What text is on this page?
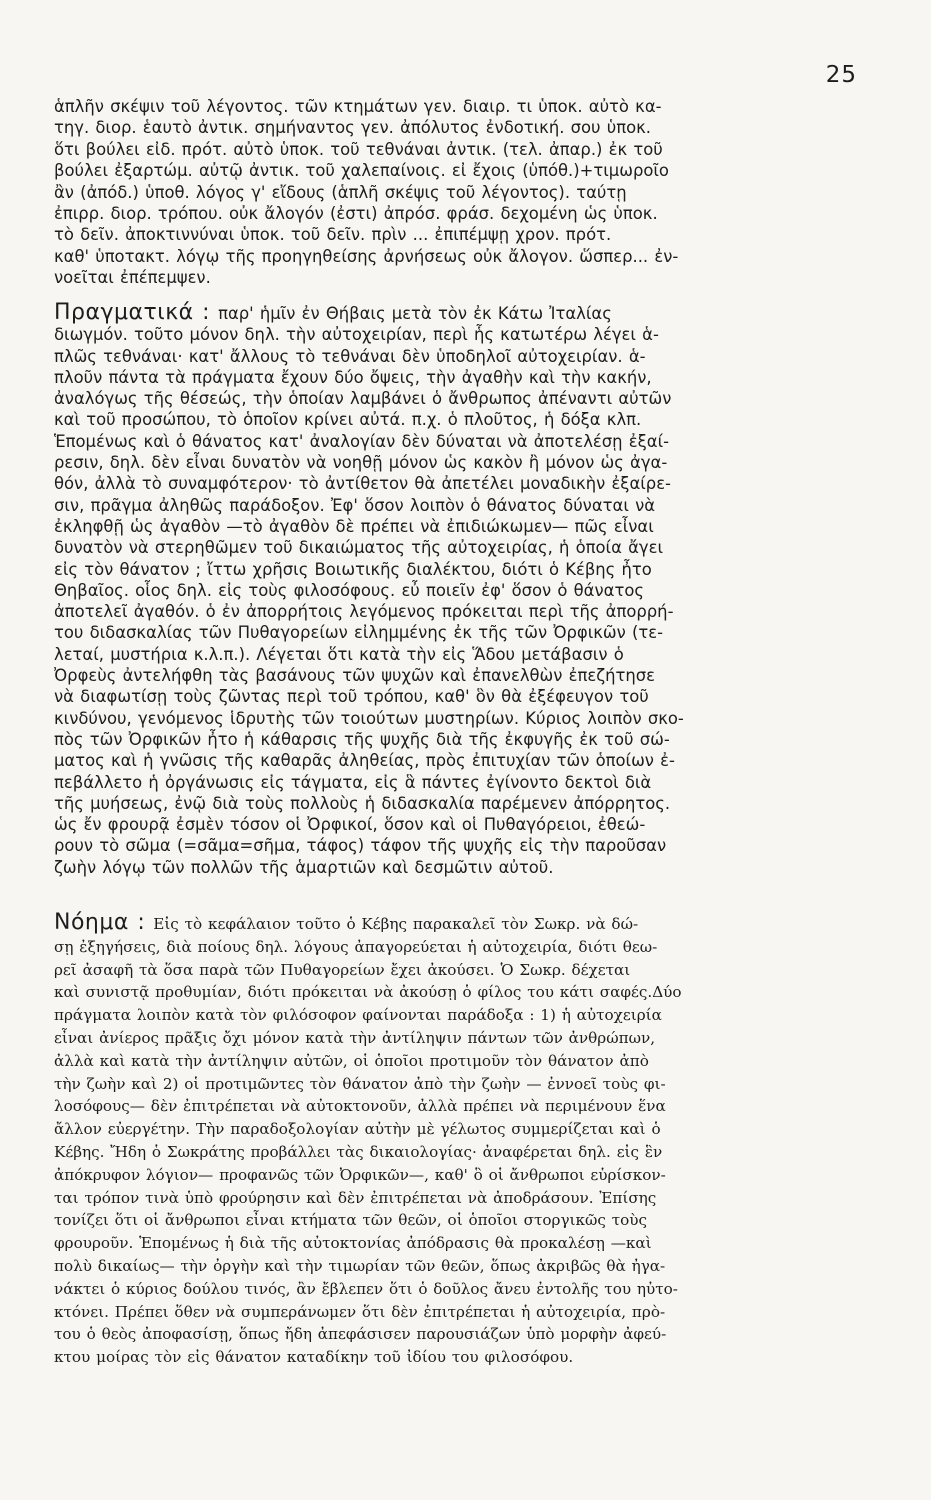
25
ἁπλῆν σκέψιν τοῦ λέγοντος. τῶν κτημάτων γεν. διαιρ. τι ὑποκ. αὐτὸ κα-
τηγ. διορ. ἑαυτὸ ἀντικ. σημήναντος γεν. ἀπόλυτος ἐνδοτική. σου ὑποκ.
ὅτι βούλει εἰδ. πρότ. αὐτὸ ὑποκ. τοῦ τεθνάναι ἀντικ. (τελ. ἀπαρ.) ἐκ τοῦ
βούλει ἐξαρτώμ. αὐτῷ ἀντικ. τοῦ χαλεπαίνοις. εἰ ἔχοις (ὑπόθ.)+τιμωροῖο
ἂν (ἀπόδ.) ὑποθ. λόγος γ' εἴδους (ἁπλῆ σκέψις τοῦ λέγοντος). ταύτῃ
ἐπιρρ. διορ. τρόπου. οὐκ ἄλογόν (ἐστι) ἀπρόσ. φράσ. δεχομένη ὡς ὑποκ.
τὸ δεῖν. ἀποκτιννύναι ὑποκ. τοῦ δεῖν. πρὶν ... ἐπιπέμψῃ χρον. πρότ.
καθ' ὑποτακτ. λόγῳ τῆς προηγηθείσης ἀρνήσεως οὐκ ἄλογον. ὥσπερ... ἐν-
νοεῖται ἐπέπεμψεν.
Πραγματικά : παρ' ἡμῖν ἐν Θήβαις μετὰ τὸν ἐκ Κάτω Ἰταλίας
διωγμόν. τοῦτο μόνον δηλ. τὴν αὐτοχειρίαν, περὶ ἧς κατωτέρω λέγει ἁ-
πλῶς τεθνάναι· κατ' ἄλλους τὸ τεθνάναι δὲν ὑποδηλοῖ αὐτοχειρίαν. ἁ-
πλοῦν πάντα τὰ πράγματα ἔχουν δύο ὄψεις, τὴν ἀγαθὴν καὶ τὴν κακήν,
ἀναλόγως τῆς θέσεώς, τὴν ὁποίαν λαμβάνει ὁ ἄνθρωπος ἀπέναντι αὐτῶν
καὶ τοῦ προσώπου, τὸ ὁποῖον κρίνει αὐτά. π.χ. ὁ πλοῦτος, ἡ δόξα κλπ.
Ἑπομένως καὶ ὁ θάνατος κατ' ἀναλογίαν δὲν δύναται νὰ ἀποτελέσῃ ἐξαί-
ρεσιν, δηλ. δὲν εἶναι δυνατὸν νὰ νοηθῇ μόνον ὡς κακὸν ἢ μόνον ὡς ἀγα-
θόν, ἀλλὰ τὸ συναμφότερον· τὸ ἀντίθετον θὰ ἀπετέλει μοναδικὴν ἐξαίρε-
σιν, πρᾶγμα ἀληθῶς παράδοξον. Ἐφ' ὅσον λοιπὸν ὁ θάνατος δύναται νὰ
ἐκληφθῇ ὡς ἀγαθὸν —τὸ ἀγαθὸν δὲ πρέπει νὰ ἐπιδιώκωμεν— πῶς εἶναι
δυνατὸν νὰ στερηθῶμεν τοῦ δικαιώματος τῆς αὐτοχειρίας, ἡ ὁποία ἄγει
εἰς τὸν θάνατον ; ἴττω χρῆσις Βοιωτικῆς διαλέκτου, διότι ὁ Κέβης ἦτο
Θηβαῖος. οἷος δηλ. εἰς τοὺς φιλοσόφους. εὖ ποιεῖν ἐφ' ὅσον ὁ θάνατος
ἀποτελεῖ ἀγαθόν. ὁ ἐν ἀπορρήτοις λεγόμενος πρόκειται περὶ τῆς ἀπορρή-
του διδασκαλίας τῶν Πυθαγορείων εἰλημμένης ἐκ τῆς τῶν Ὀρφικῶν (τε-
λεταί, μυστήρια κ.λ.π.). Λέγεται ὅτι κατὰ τὴν εἰς Ἅδου μετάβασιν ὁ
Ὀρφεὺς ἀντελήφθη τὰς βασάνους τῶν ψυχῶν καὶ ἐπανελθὼν ἐπεζήτησε
νὰ διαφωτίσῃ τοὺς ζῶντας περὶ τοῦ τρόπου, καθ' ὃν θὰ ἐξέφευγον τοῦ
κινδύνου, γενόμενος ἱδρυτὴς τῶν τοιούτων μυστηρίων. Κύριος λοιπὸν σκο-
πὸς τῶν Ὀρφικῶν ἦτο ἡ κάθαρσις τῆς ψυχῆς διὰ τῆς ἐκφυγῆς ἐκ τοῦ σώ-
ματος καὶ ἡ γνῶσις τῆς καθαρᾶς ἀληθείας, πρὸς ἐπιτυχίαν τῶν ὁποίων ἐ-
πεβάλλετο ἡ ὀργάνωσις εἰς τάγματα, εἰς ἃ πάντες ἐγίνοντο δεκτοὶ διὰ
τῆς μυήσεως, ἐνῷ διὰ τοὺς πολλοὺς ἡ διδασκαλία παρέμενεν ἀπόρρητος.
ὡς ἔν φρουρᾷ ἐσμὲν τόσον οἱ Ὀρφικοί, ὅσον καὶ οἱ Πυθαγόρειοι, ἐθεώ-
ρουν τὸ σῶμα (=σᾶμα=σῆμα, τάφος) τάφον τῆς ψυχῆς εἰς τὴν παροῦσαν
ζωὴν λόγῳ τῶν πολλῶν τῆς ἁμαρτιῶν καὶ δεσμῶτιν αὐτοῦ.
Νόημα : Εἰς τὸ κεφάλαιον τοῦτο ὁ Κέβης παρακαλεῖ τὸν Σωκρ. νὰ δώ-
σῃ ἐξηγήσεις, διὰ ποίους δηλ. λόγους ἀπαγορεύεται ἡ αὐτοχειρία, διότι θεω-
ρεῖ ἀσαφῆ τὰ ὅσα παρὰ τῶν Πυθαγορείων ἔχει ἀκούσει. Ὁ Σωκρ. δέχεται
καὶ συνιστᾷ προθυμίαν, διότι πρόκειται νὰ ἀκούσῃ ὁ φίλος του κάτι σαφές.Δύο
πράγματα λοιπὸν κατὰ τὸν φιλόσοφον φαίνονται παράδοξα : 1) ἡ αὐτοχειρία
εἶναι ἀνίερος πρᾶξις ὄχι μόνον κατὰ τὴν ἀντίληψιν πάντων τῶν ἀνθρώπων,
ἀλλὰ καὶ κατὰ τὴν ἀντίληψιν αὐτῶν, οἱ ὁποῖοι προτιμοῦν τὸν θάνατον ἀπὸ
τὴν ζωὴν καὶ 2) οἱ προτιμῶντες τὸν θάνατον ἀπὸ τὴν ζωὴν — ἐννοεῖ τοὺς φι-
λοσόφους— δὲν ἐπιτρέπεται νὰ αὐτοκτονοῦν, ἀλλὰ πρέπει νὰ περιμένουν ἕνα
ἄλλον εὐεργέτην. Τὴν παραδοξολογίαν αὐτὴν μὲ γέλωτος συμμερίζεται καὶ ὁ
Κέβης. Ἤδη ὁ Σωκράτης προβάλλει τὰς δικαιολογίας· ἀναφέρεται δηλ. εἰς ἓν
ἀπόκρυφον λόγιον— προφανῶς τῶν Ὀρφικῶν—, καθ' ὃ οἱ ἄνθρωποι εὑρίσκον-
ται τρόπον τινὰ ὑπὸ φρούρησιν καὶ δὲν ἐπιτρέπεται νὰ ἀποδράσουν. Ἐπίσης
τονίζει ὅτι οἱ ἄνθρωποι εἶναι κτήματα τῶν θεῶν, οἱ ὁποῖοι στοργικῶς τοὺς
φρουροῦν. Ἑπομένως ἡ διὰ τῆς αὐτοκτονίας ἀπόδρασις θὰ προκαλέσῃ —καὶ
πολὺ δικαίως— τὴν ὀργὴν καὶ τὴν τιμωρίαν τῶν θεῶν, ὅπως ἀκριβῶς θὰ ἠγα-
νάκτει ὁ κύριος δούλου τινός, ἂν ἔβλεπεν ὅτι ὁ δοῦλος ἄνευ ἐντολῆς του ηὐτο-
κτόνει. Πρέπει ὅθεν νὰ συμπεράνωμεν ὅτι δὲν ἐπιτρέπεται ἡ αὐτοχειρία, πρὸ-
του ὁ θεὸς ἀποφασίσῃ, ὅπως ἤδη ἀπεφάσισεν παρουσιάζων ὑπὸ μορφὴν ἀφεύ-
κτου μοίρας τὸν εἰς θάνατον καταδίκην τοῦ ἰδίου του φιλοσόφου.
